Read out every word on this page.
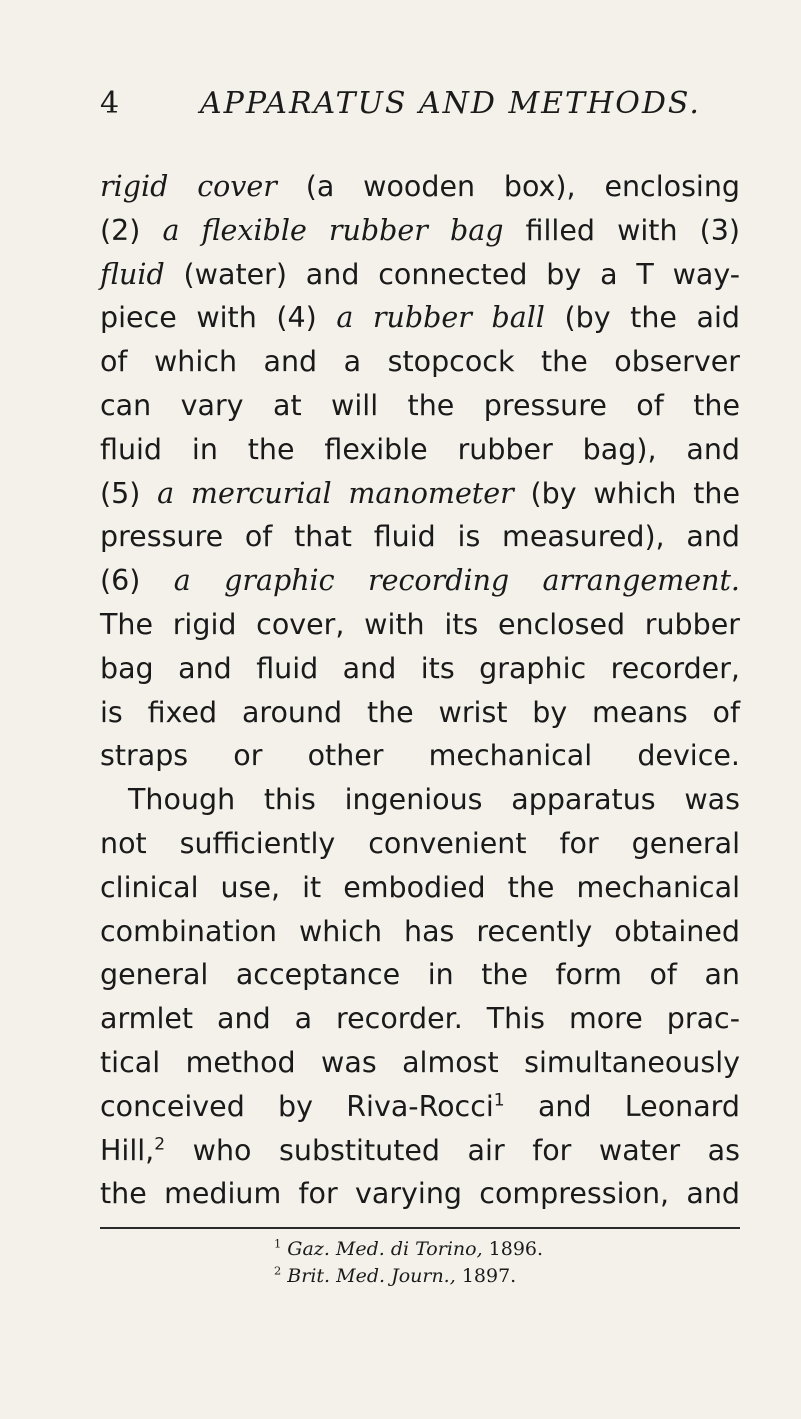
4	APPARATUS AND METHODS.
rigid cover (a wooden box), enclosing
(2) a flexible rubber bag filled with (3)
fluid (water) and connected by a T way-
piece with (4) a rubber ball (by the aid
of which and a stopcock the observer
can vary at will the pressure of the
fluid in the flexible rubber bag), and
(5) a mercurial manometer (by which the
pressure of that fluid is measured), and
(6) a graphic recording arrangement.
The rigid cover, with its enclosed rubber
bag and fluid and its graphic recorder,
is fixed around the wrist by means of
straps or other mechanical device.
Though this ingenious apparatus was
not sufficiently convenient for general
clinical use, it embodied the mechanical
combination which has recently obtained
general acceptance in the form of an
armlet and a recorder. This more prac-
tical method was almost simultaneously
conceived by Riva-Rocci$^1$ and Leonard
Hill,$^2$ who substituted air for water as
the medium for varying compression, and
$^1$ Gaz. Med. di Torino, 1896.
$^2$ Brit. Med. Journ., 1897.
